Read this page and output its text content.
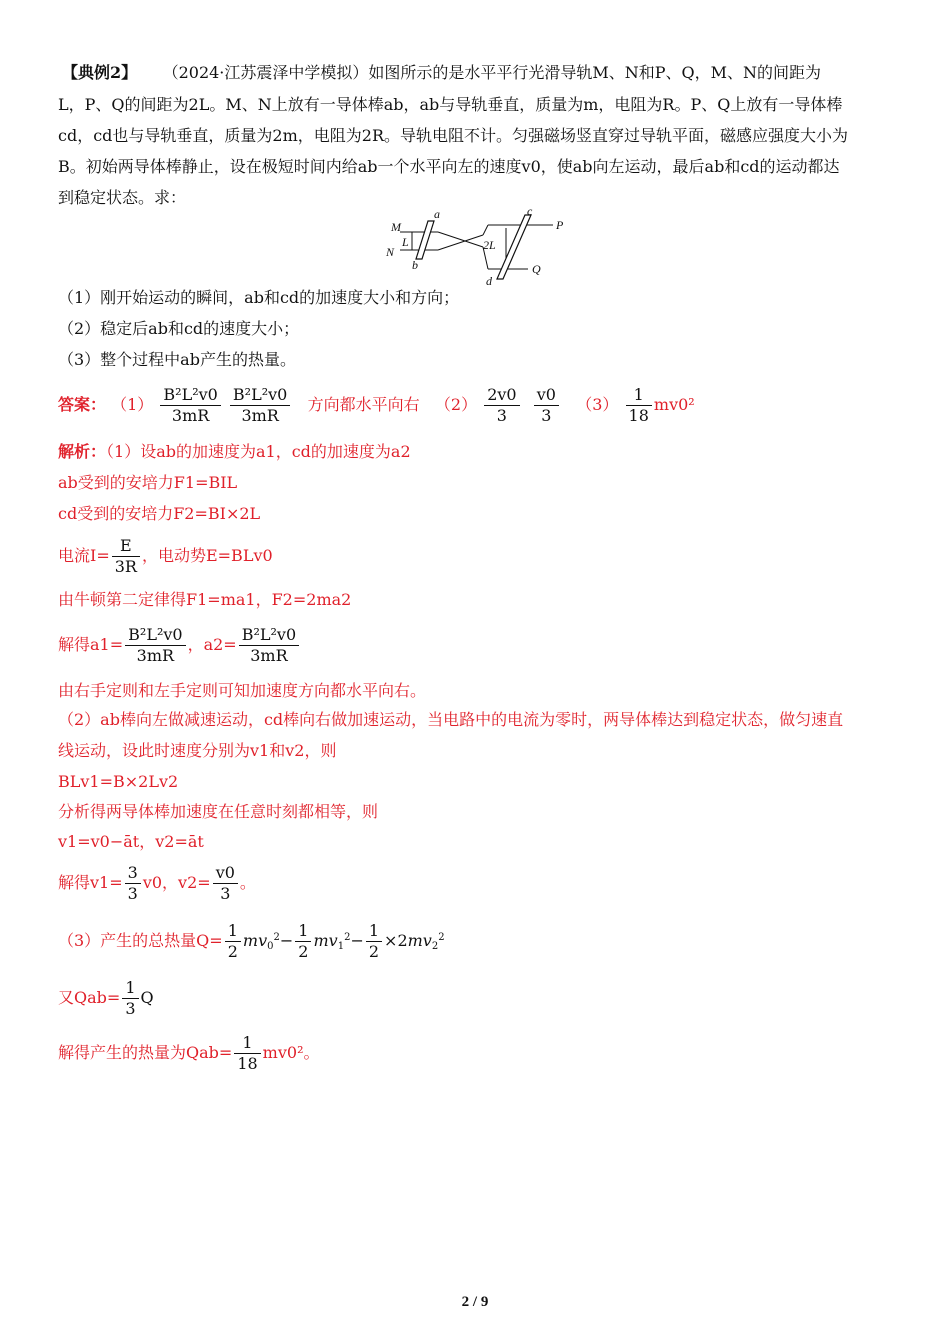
【典例2】 （2024·江苏震泽中学模拟）如图所示的是水平平行光滑导轨M、N和P、Q，M、N的间距为
L，P、Q的间距为2L。M、N上放有一导体棒ab，ab与导轨垂直，质量为m，电阻为R。P、Q上放有一导体棒
cd，cd也与导轨垂直，质量为2m，电阻为2R。导轨电阻不计。匀强磁场竖直穿过导轨平面，磁感应强度大小为
B。初始两导体棒静止，设在极短时间内给ab一个水平向左的速度v0，使ab向左运动，最后ab和cd的运动都达
到稳定状态。求：
M
N
P
Q
a
b
c
d
L	2L
（1）刚开始运动的瞬间，ab和cd的加速度大小和方向；
（2）稳定后ab和cd的速度大小；
（3）整个过程中ab产生的热量。
答案： $(1) \frac{\text{B²L²v0}}{3mR}$
$\frac{\text{B²L²v0}}{3mR}$ 方向都水平向右 $(2) \frac{2v0}{3}$
$\frac{v0}{3} (3) \frac{1}{18} mv0^2$
解析：（1）设ab的加速度为a1，cd的加速度为a2
ab受到的安培力F1=BIL
cd受到的安培力F2=BI×2L
电流$I= \frac{E}{3R}$ ，电动势E=BLv0
由牛顿第二定律得F1=ma1，F2=2ma2
解得$a1= \frac{\text{B²L²v0}}{3mR}$ ，$a2= \frac{\text{B²L²v0}}{3mR}$
由右手定则和左手定则可知加速度方向都水平向右。
（2）ab棒向左做减速运动，cd棒向右做加速运动，当电路中的电流为零时，两导体棒达到稳定状态，做匀速直
线运动，设此时速度分别为v1和v2，则
BLv1=B×2Lv2
分析得两导体棒加速度在任意时刻都相等，则
v1=v0−āt，v2=āt
解得$v1= \frac{3}{3} v0$，$v2= \frac{v0}{3}$ 。
（3）产生的总热量$Q= \frac{1}{2} mv_0^2- \frac{1}{2} mv_1^2- \frac{1}{2} \times 2mv_2^2$
又$Qab= \frac{1}{3}$ Q
解得产生的热量为$Qab= \frac{1}{18} mv0^2$。
2 / 9
